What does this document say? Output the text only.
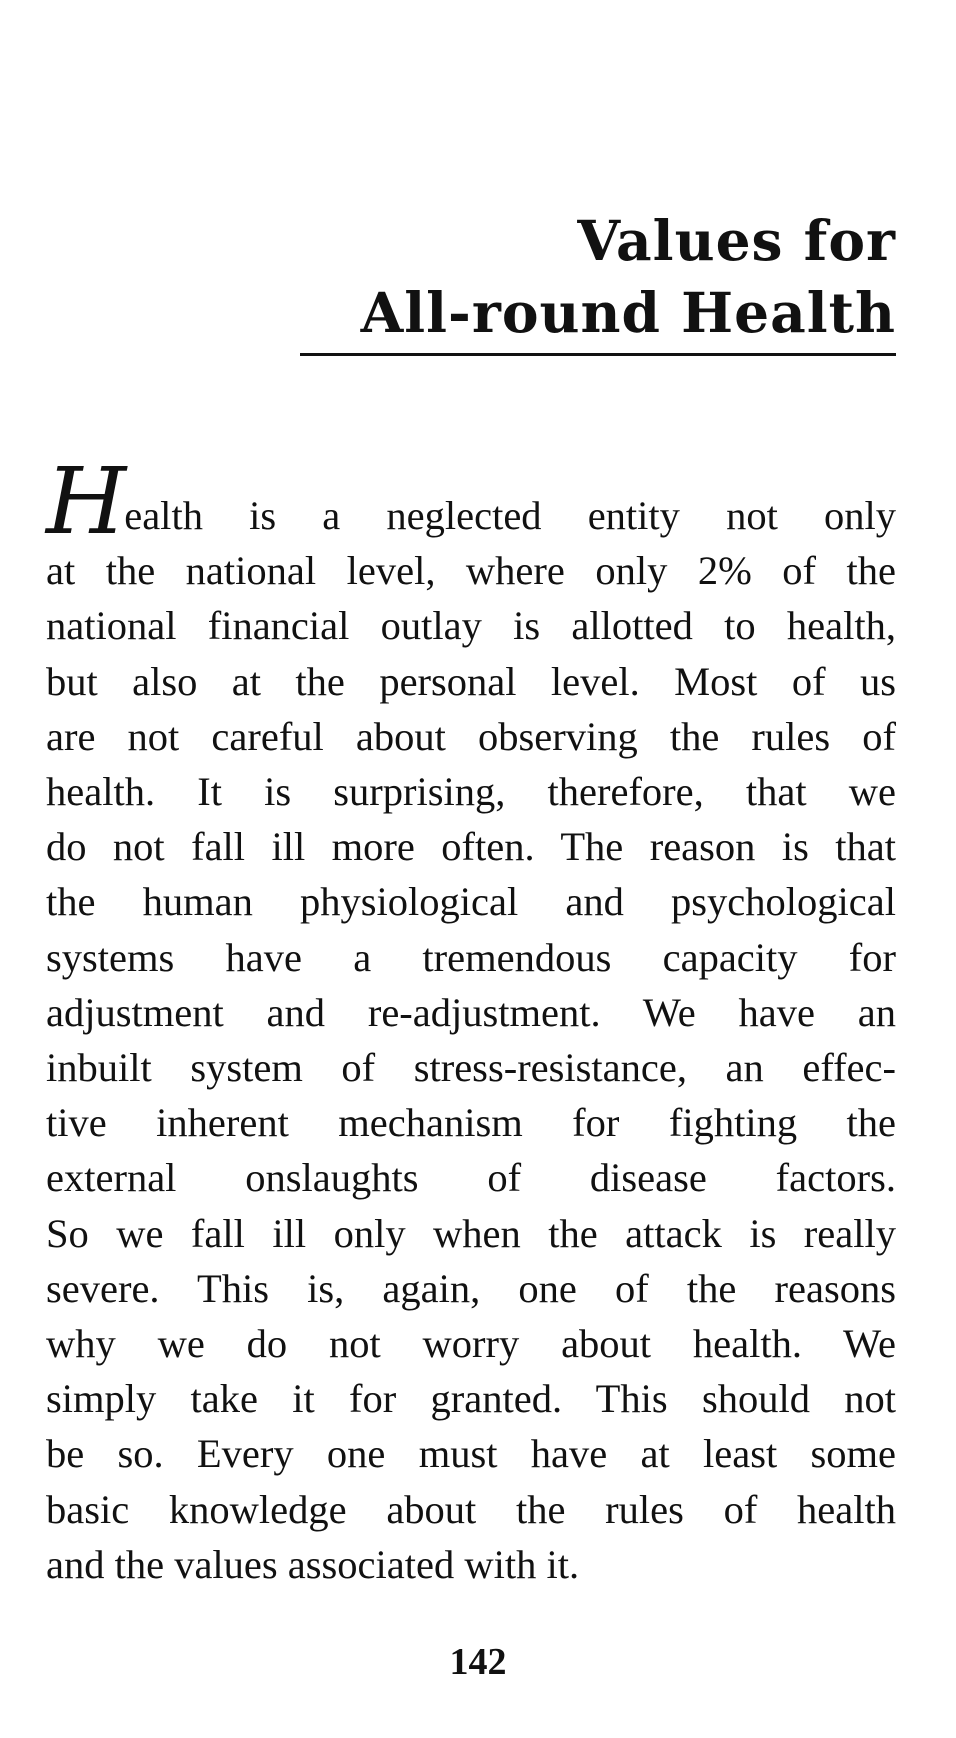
Values for
All-round Health
Health is a neglected entity not only
at the national level, where only 2% of the
national financial outlay is allotted to health,
but also at the personal level. Most of us
are not careful about observing the rules of
health. It is surprising, therefore, that we
do not fall ill more often. The reason is that
the human physiological and psychological
systems have a tremendous capacity for
adjustment and re-adjustment. We have an
inbuilt system of stress-resistance, an effec-
tive inherent mechanism for fighting the
external onslaughts of disease factors.
So we fall ill only when the attack is really
severe. This is, again, one of the reasons
why we do not worry about health. We
simply take it for granted. This should not
be so. Every one must have at least some
basic knowledge about the rules of health
and the values associated with it.
142
